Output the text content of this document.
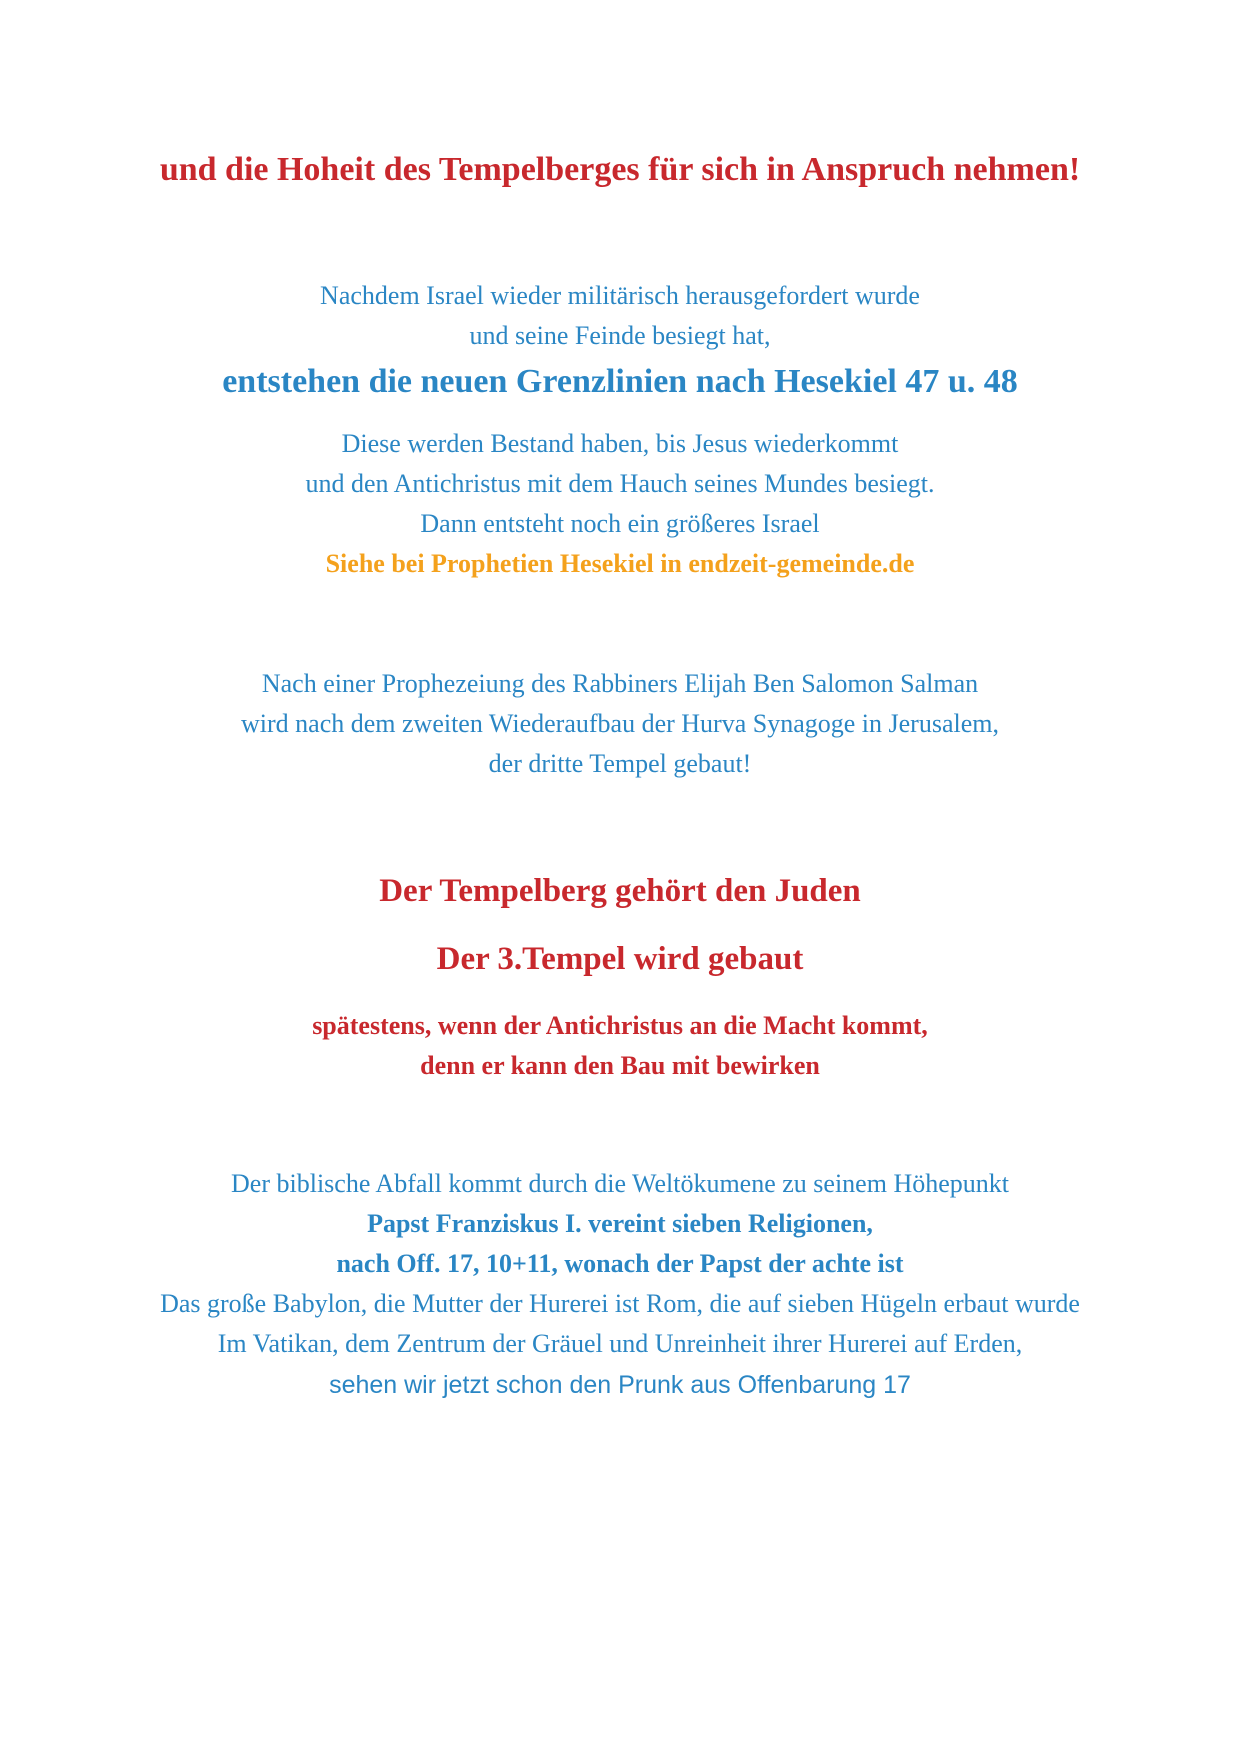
und die Hoheit des Tempelberges für sich in Anspruch nehmen!
Nachdem Israel wieder militärisch herausgefordert wurde
und seine Feinde besiegt hat,
entstehen die neuen Grenzlinien nach Hesekiel 47 u. 48
Diese werden Bestand haben, bis Jesus wiederkommt
und den Antichristus mit dem Hauch seines Mundes besiegt.
Dann entsteht noch ein größeres Israel
Siehe bei Prophetien Hesekiel in endzeit-gemeinde.de
Nach einer Prophezeiung des Rabbiners Elijah Ben Salomon Salman
wird nach dem zweiten Wiederaufbau der Hurva Synagoge in Jerusalem,
der dritte Tempel gebaut!
Der Tempelberg gehört den Juden
Der 3.Tempel wird gebaut
spätestens, wenn der Antichristus an die Macht kommt,
denn er kann den Bau mit bewirken
Der biblische Abfall kommt durch die Weltökumene zu seinem Höhepunkt
Papst Franziskus I. vereint sieben Religionen,
nach Off. 17, 10+11, wonach der Papst der achte ist
Das große Babylon, die Mutter der Hurerei ist Rom, die auf sieben Hügeln erbaut wurde
Im Vatikan, dem Zentrum der Gräuel und Unreinheit ihrer Hurerei auf Erden,
sehen wir jetzt schon den Prunk aus Offenbarung 17
